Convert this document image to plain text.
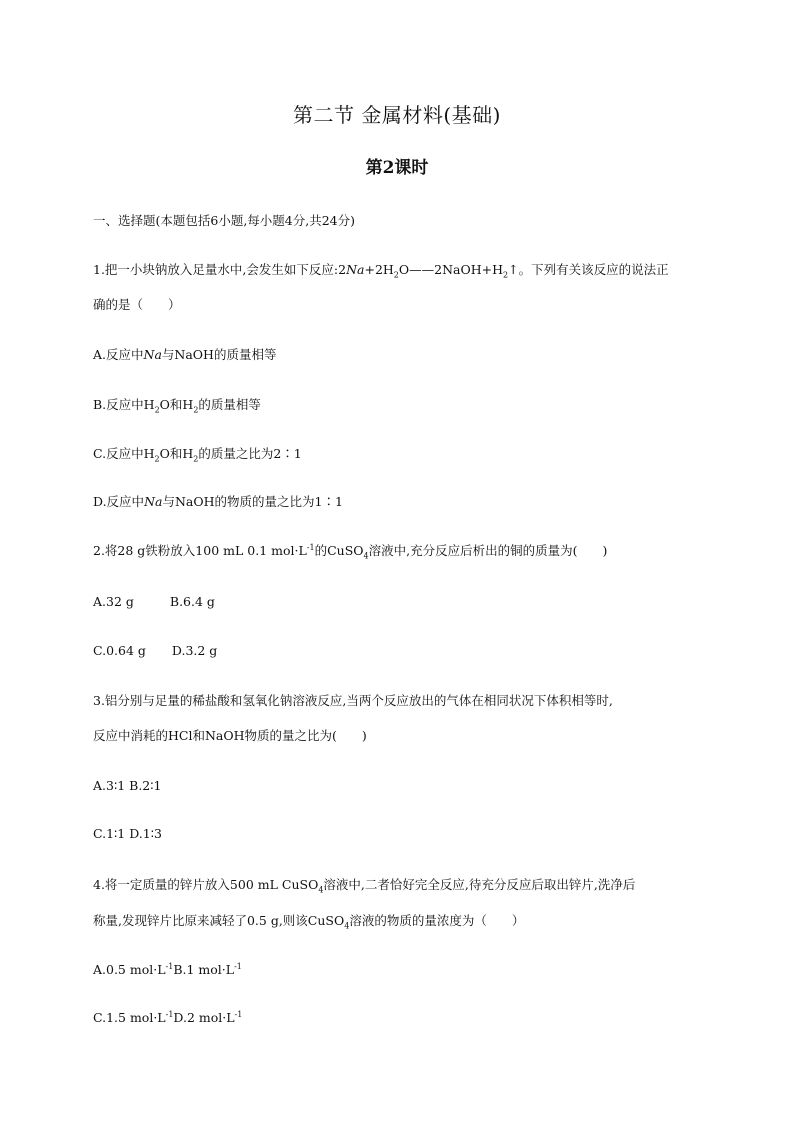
第二节 金属材料(基础)
第2课时
一、选择题(本题包括6小题,每小题4分,共24分)
1.把一小块钠放入足量水中,会发生如下反应$:2Na+2H_2O——2NaOH+H_2↑$。下列有关该反应的说法正
确的是（　　）
A.反应中Na与NaOH的质量相等
B.反应中$H_2O$和$H_2$的质量相等
C.反应中$H_2O$和$H_2$的质量之比为2∶1
D.反应中Na与NaOH的物质的量之比为1∶1
2.将28 g铁粉放入100 mL 0.1 $mol\cdot L^{-1}$的CuSO$_4$溶液中,充分反应后析出的铜的质量为(　　)
A.32 g	B.6.4 g
C.0.64 g D.3.2 g
3.铝分别与足量的稀盐酸和氢氧化钠溶液反应,当两个反应放出的气体在相同状况下体积相等时,
反应中消耗的HCl和NaOH物质的量之比为(　　)
A.3∶1 B.2∶1
C.1∶1 D.1∶3
4.将一定质量的锌片放入500 mL CuSO$_4$溶液中,二者恰好完全反应,待充分反应后取出锌片,洗净后
称量,发现锌片比原来减轻了0.5 g,则该CuSO$_4$溶液的物质的量浓度为（　　）
A.0.5 $mol\cdot L^{-1}B.1$ $mol\cdot L^{-1}$
C.1.5 $mol\cdot L^{-1}D.2$ $mol\cdot L^{-1}$
